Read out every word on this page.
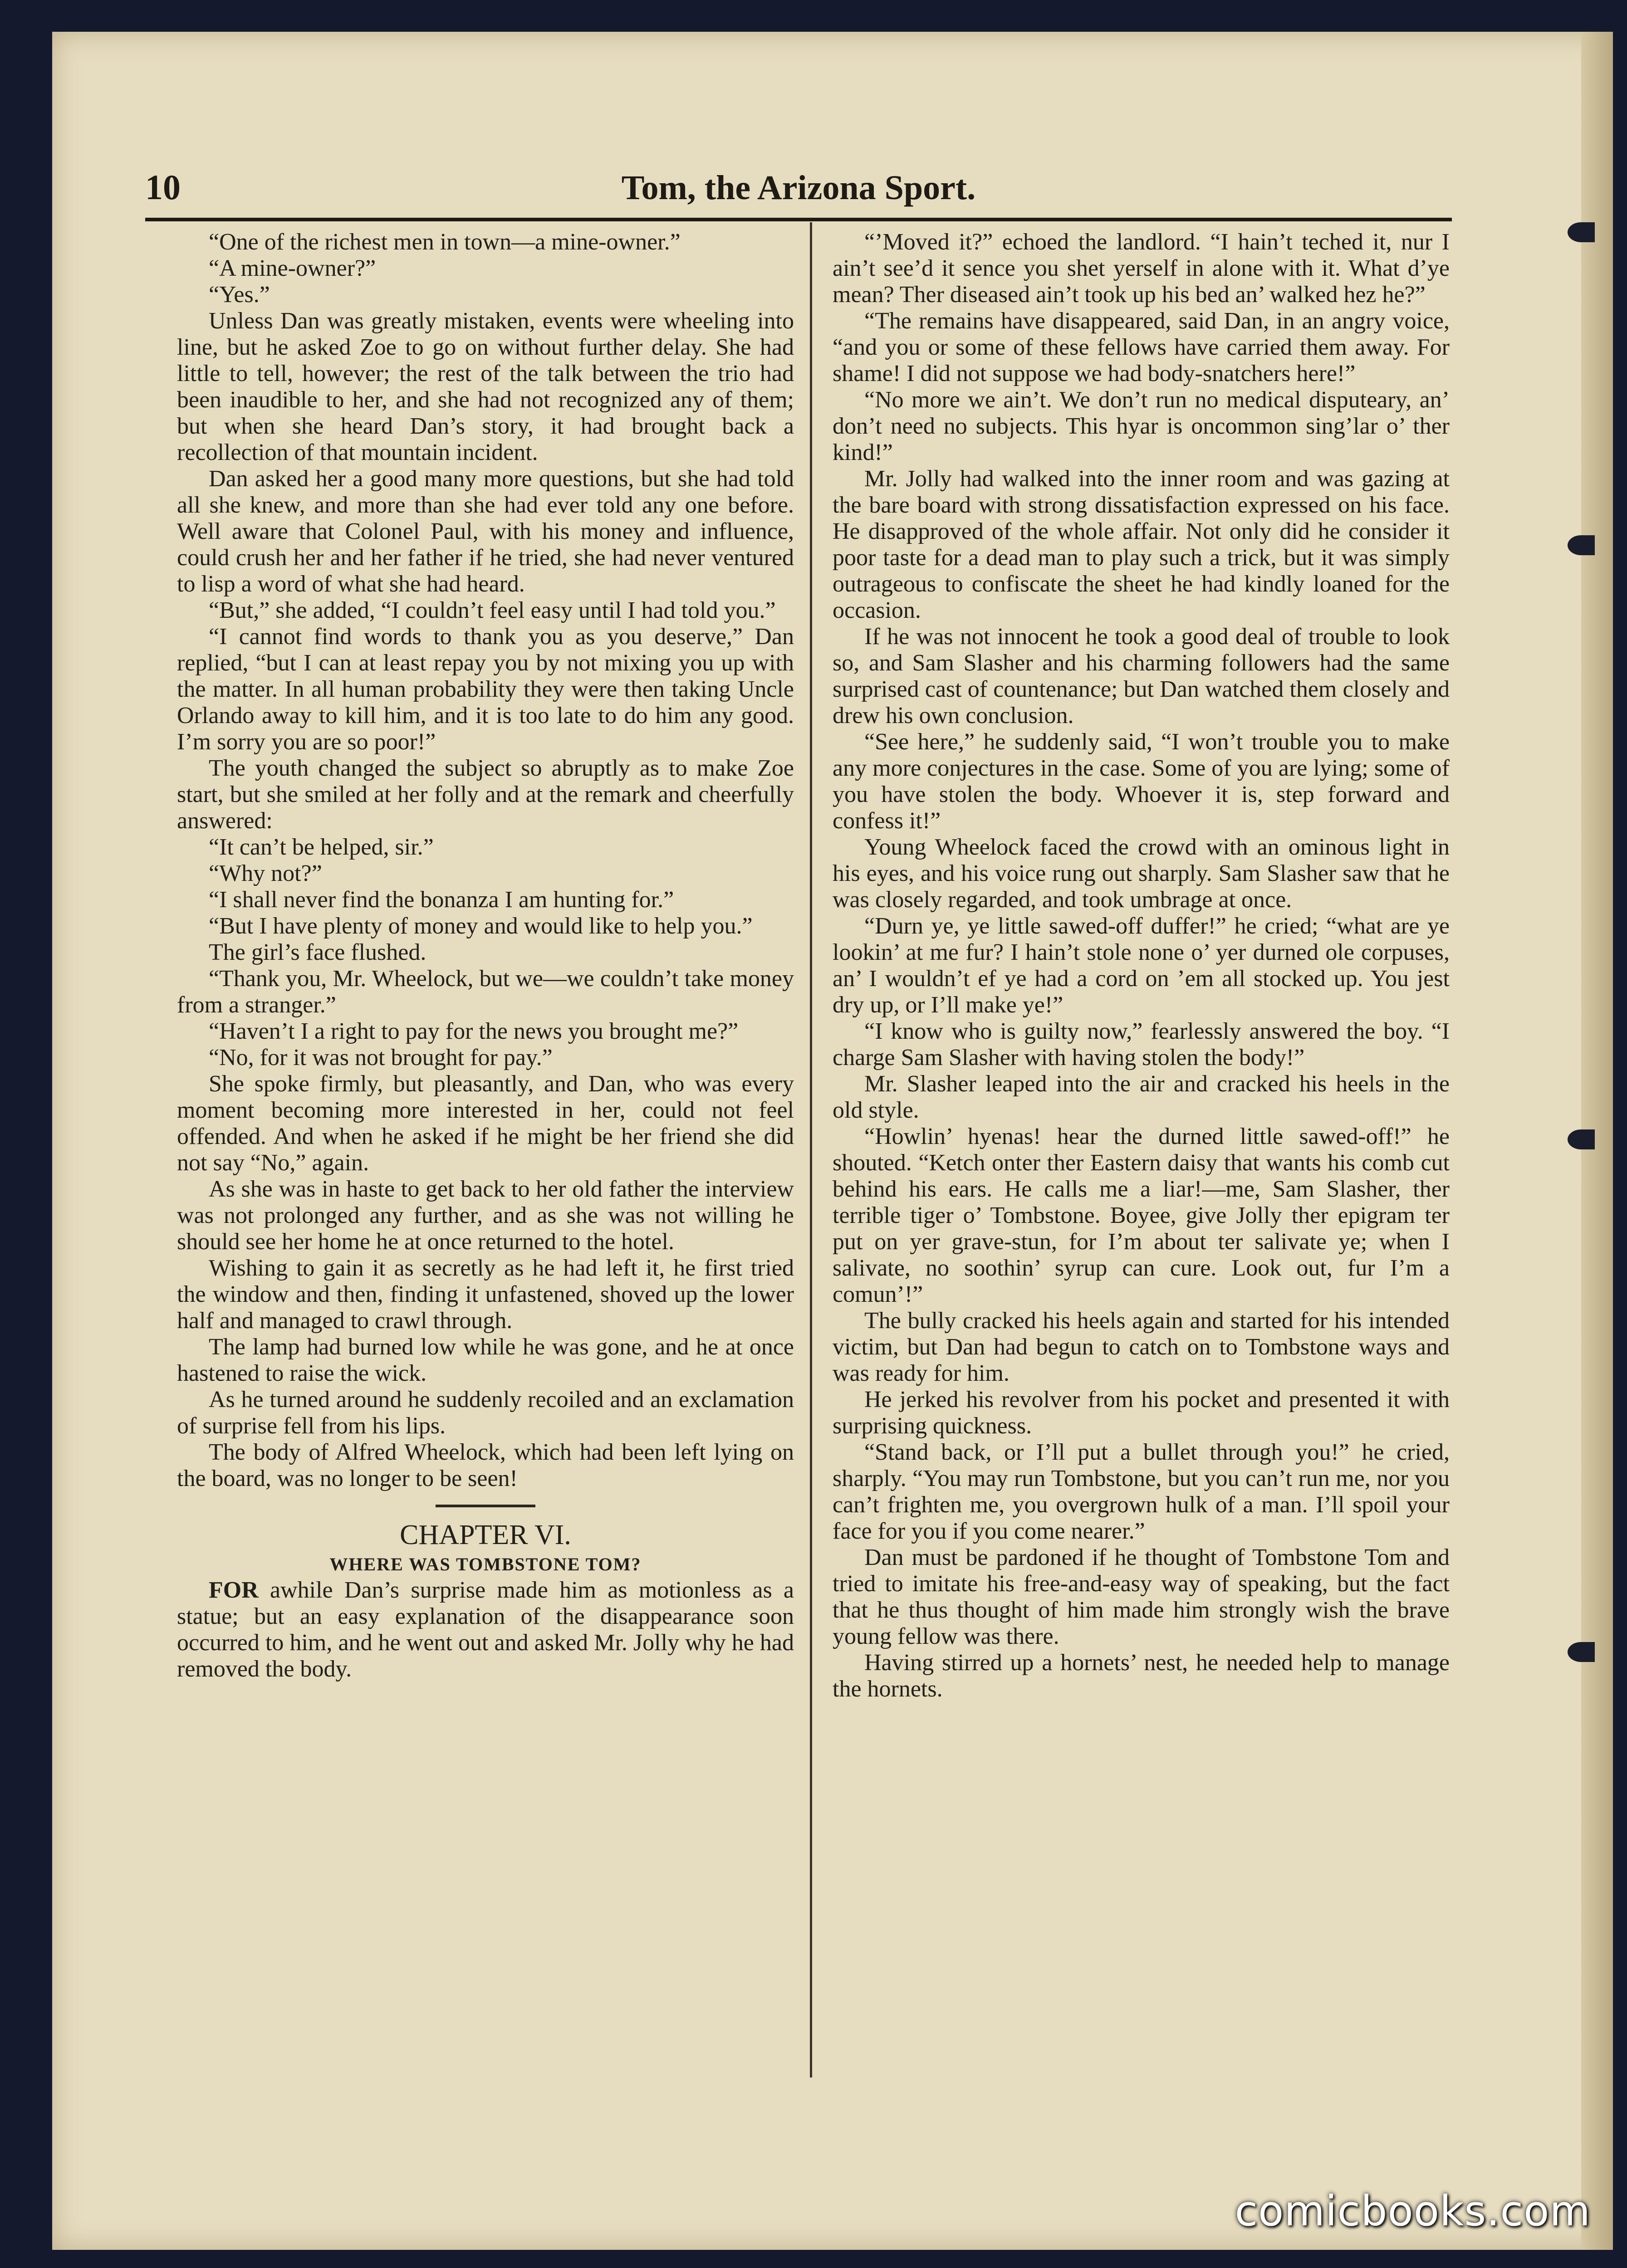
10	Tom, the Arizona Sport.

“One of the richest men in town—a mine-owner.”

“A mine-owner?”

“Yes.”

Unless Dan was greatly mistaken, events were wheeling into line, but he asked Zoe to go on without further delay. She had little to tell, however; the rest of the talk between the trio had been inaudible to her, and she had not recognized any of them; but when she heard Dan’s story, it had brought back a recollection of that mountain incident.

Dan asked her a good many more questions, but she had told all she knew, and more than she had ever told any one before. Well aware that Colonel Paul, with his money and influence, could crush her and her father if he tried, she had never ventured to lisp a word of what she had heard.

“But,” she added, “I couldn’t feel easy until I had told you.”

“I cannot find words to thank you as you deserve,” Dan replied, “but I can at least repay you by not mixing you up with the matter. In all human probability they were then taking Uncle Orlando away to kill him, and it is too late to do him any good. I’m sorry you are so poor!”

The youth changed the subject so abruptly as to make Zoe start, but she smiled at her folly and at the remark and cheerfully answered:

“It can’t be helped, sir.”

“Why not?”

“I shall never find the bonanza I am hunting for.”

“But I have plenty of money and would like to help you.”

The girl’s face flushed.

“Thank you, Mr. Wheelock, but we—we couldn’t take money from a stranger.”

“Haven’t I a right to pay for the news you brought me?”

“No, for it was not brought for pay.”

She spoke firmly, but pleasantly, and Dan, who was every moment becoming more interested in her, could not feel offended. And when he asked if he might be her friend she did not say “No,” again.

As she was in haste to get back to her old father the interview was not prolonged any further, and as she was not willing he should see her home he at once returned to the hotel.

Wishing to gain it as secretly as he had left it, he first tried the window and then, finding it unfastened, shoved up the lower half and managed to crawl through.

The lamp had burned low while he was gone, and he at once hastened to raise the wick.

As he turned around he suddenly recoiled and an exclamation of surprise fell from his lips.

The body of Alfred Wheelock, which had been left lying on the board, was no longer to be seen!

CHAPTER VI.
WHERE WAS TOMBSTONE TOM?

FOR awhile Dan’s surprise made him as motionless as a statue; but an easy explanation of the disappearance soon occurred to him, and he went out and asked Mr. Jolly why he had removed the body.

“’Moved it?” echoed the landlord. “I hain’t teched it, nur I ain’t see’d it sence you shet yerself in alone with it. What d’ye mean? Ther diseased ain’t took up his bed an’ walked hez he?”

“The remains have disappeared, said Dan, in an angry voice, “and you or some of these fellows have carried them away. For shame! I did not suppose we had body-snatchers here!”

“No more we ain’t. We don’t run no medical disputeary, an’ don’t need no subjects. This hyar is oncommon sing’lar o’ ther kind!”

Mr. Jolly had walked into the inner room and was gazing at the bare board with strong dissatisfaction expressed on his face. He disapproved of the whole affair. Not only did he consider it poor taste for a dead man to play such a trick, but it was simply outrageous to confiscate the sheet he had kindly loaned for the occasion.

If he was not innocent he took a good deal of trouble to look so, and Sam Slasher and his charming followers had the same surprised cast of countenance; but Dan watched them closely and drew his own conclusion.

“See here,” he suddenly said, “I won’t trouble you to make any more conjectures in the case. Some of you are lying; some of you have stolen the body. Whoever it is, step forward and confess it!”

Young Wheelock faced the crowd with an ominous light in his eyes, and his voice rung out sharply. Sam Slasher saw that he was closely regarded, and took umbrage at once.

“Durn ye, ye little sawed-off duffer!” he cried; “what are ye lookin’ at me fur? I hain’t stole none o’ yer durned ole corpuses, an’ I wouldn’t ef ye had a cord on ’em all stocked up. You jest dry up, or I’ll make ye!”

“I know who is guilty now,” fearlessly answered the boy. “I charge Sam Slasher with having stolen the body!”

Mr. Slasher leaped into the air and cracked his heels in the old style.

“Howlin’ hyenas! hear the durned little sawed-off!” he shouted. “Ketch onter ther Eastern daisy that wants his comb cut behind his ears. He calls me a liar!—me, Sam Slasher, ther terrible tiger o’ Tombstone. Boyee, give Jolly ther epigram ter put on yer grave-stun, for I’m about ter salivate ye; when I salivate, no soothin’ syrup can cure. Look out, fur I’m a comun’!”

The bully cracked his heels again and started for his intended victim, but Dan had begun to catch on to Tombstone ways and was ready for him.

He jerked his revolver from his pocket and presented it with surprising quickness.

“Stand back, or I’ll put a bullet through you!” he cried, sharply. “You may run Tombstone, but you can’t run me, nor you can’t frighten me, you overgrown hulk of a man. I’ll spoil your face for you if you come nearer.”

Dan must be pardoned if he thought of Tombstone Tom and tried to imitate his free-and-easy way of speaking, but the fact that he thus thought of him made him strongly wish the brave young fellow was there.

Having stirred up a hornets’ nest, he needed help to manage the hornets.

comicbooks.com
